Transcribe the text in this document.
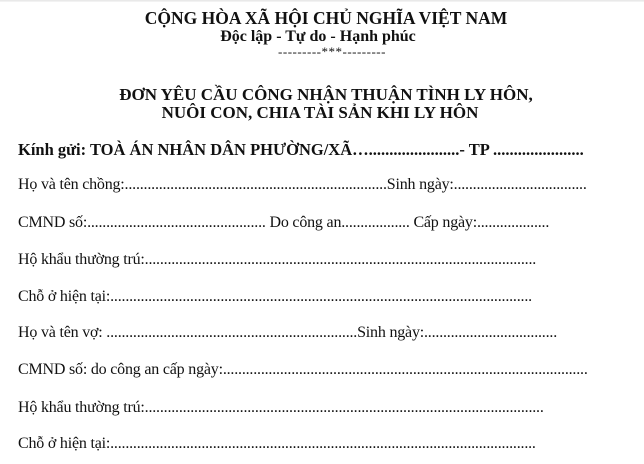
CỘNG HÒA XÃ HỘI CHỦ NGHĨA VIỆT NAM
Độc lập - Tự do - Hạnh phúc
---------***---------
ĐƠN YÊU CẦU CÔNG NHẬN THUẬN TÌNH LY HÔN,
NUÔI CON, CHIA TÀI SẢN KHI LY HÔN
Kính gửi: TOÀ ÁN NHÂN DÂN PHƯỜNG/XÃ…......................- TP ......................
Họ và tên chồng:.....................................................................Sinh ngày:...................................
CMND số:............................................... Do công an.................. Cấp ngày:...................
Hộ khẩu thường trú:.......................................................................................................
Chỗ ở hiện tại:...............................................................................................................
Họ và tên vợ: ..................................................................Sinh ngày:...................................
CMND số: do công an cấp ngày:................................................................................................
Hộ khẩu thường trú:.........................................................................................................
Chỗ ở hiện tại:................................................................................................................
